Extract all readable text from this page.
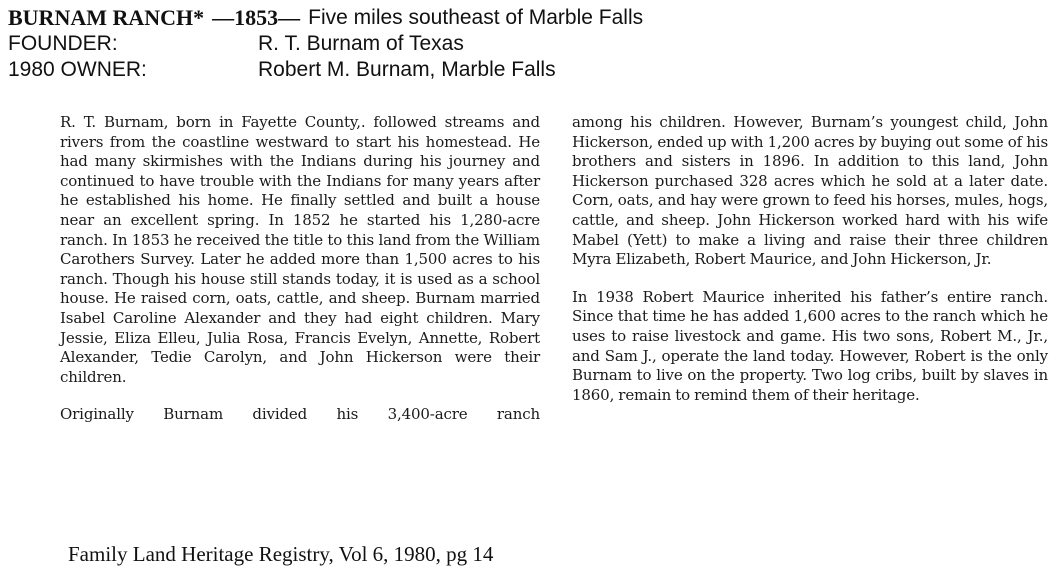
BURNAM RANCH* —1853— Five miles southeast of Marble Falls
FOUNDER:	R. T. Burnam of Texas
1980 OWNER:	Robert M. Burnam, Marble Falls

R. T. Burnam, born in Fayette County,. followed streams and rivers from the coastline westward to start his homestead. He had many skirmishes with the Indians during his journey and continued to have trouble with the Indians for many years after he established his home. He finally settled and built a house near an excellent spring. In 1852 he started his 1,280-acre ranch. In 1853 he received the title to this land from the William Carothers Survey. Later he added more than 1,500 acres to his ranch. Though his house still stands today, it is used as a school house. He raised corn, oats, cattle, and sheep. Burnam married Isabel Caroline Alexander and they had eight children. Mary Jessie, Eliza Elleu, Julia Rosa, Francis Evelyn, Annette, Robert Alexander, Tedie Carolyn, and John Hickerson were their children.

Originally Burnam divided his 3,400-acre ranch

among his children. However, Burnam’s youngest child, John Hickerson, ended up with 1,200 acres by buying out some of his brothers and sisters in 1896. In addition to this land, John Hickerson purchased 328 acres which he sold at a later date. Corn, oats, and hay were grown to feed his horses, mules, hogs, cattle, and sheep. John Hickerson worked hard with his wife Mabel (Yett) to make a living and raise their three children Myra Elizabeth, Robert Maurice, and John Hickerson, Jr.

In 1938 Robert Maurice inherited his father’s entire ranch. Since that time he has added 1,600 acres to the ranch which he uses to raise livestock and game. His two sons, Robert M., Jr., and Sam J., operate the land today. However, Robert is the only Burnam to live on the property. Two log cribs, built by slaves in 1860, remain to remind them of their heritage.

Family Land Heritage Registry, Vol 6, 1980, pg 14
